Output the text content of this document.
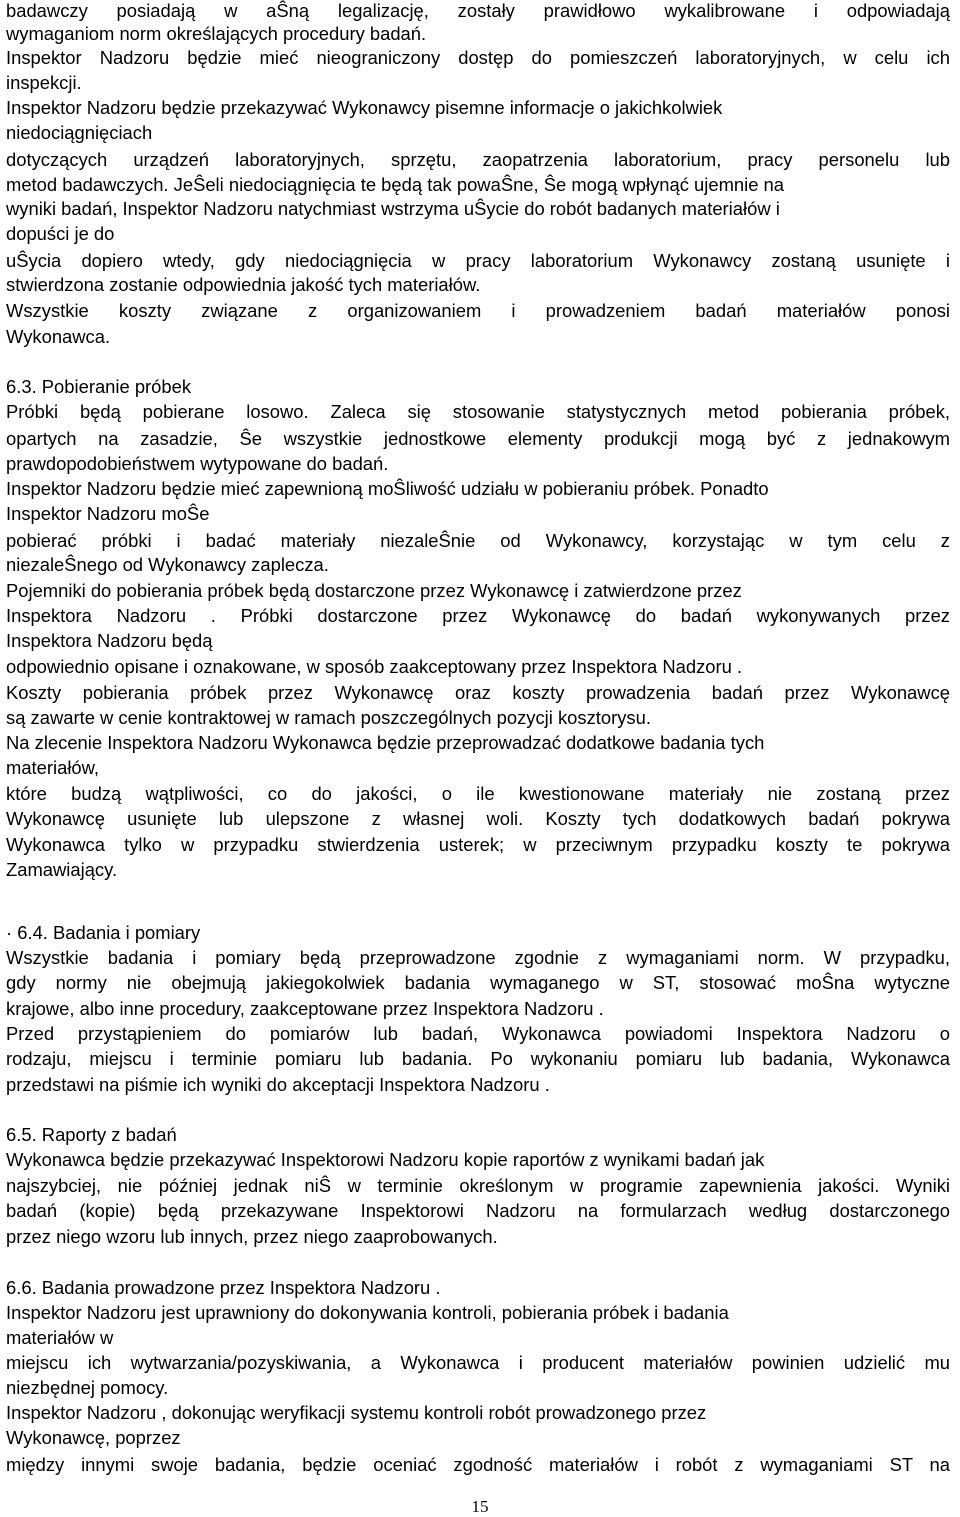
badawczy posiadają w aŜną legalizację, zostały prawidłowo wykalibrowane i odpowiadają

wymaganiom norm określających procedury badań.

Inspektor Nadzoru będzie mieć nieograniczony dostęp do pomieszczeń laboratoryjnych, w celu ich

inspekcji.

Inspektor Nadzoru będzie przekazywać Wykonawcy pisemne informacje o jakichkolwiek

niedociągnięciach

dotyczących urządzeń laboratoryjnych, sprzętu, zaopatrzenia laboratorium, pracy personelu lub

metod badawczych. JeŜeli niedociągnięcia te będą tak powaŜne, Ŝe mogą wpłynąć ujemnie na

wyniki badań, Inspektor Nadzoru natychmiast wstrzyma uŜycie do robót badanych materiałów i

dopuści je do

uŜycia dopiero wtedy, gdy niedociągnięcia w pracy laboratorium Wykonawcy zostaną usunięte i

stwierdzona zostanie odpowiednia jakość tych materiałów.

Wszystkie koszty związane z organizowaniem i prowadzeniem badań materiałów ponosi

Wykonawca.

6.3. Pobieranie próbek

Próbki będą pobierane losowo. Zaleca się stosowanie statystycznych metod pobierania próbek,

opartych na zasadzie, Ŝe wszystkie jednostkowe elementy produkcji mogą być z jednakowym

prawdopodobieństwem wytypowane do badań.

Inspektor Nadzoru będzie mieć zapewnioną moŜliwość udziału w pobieraniu próbek. Ponadto

Inspektor Nadzoru moŜe

pobierać próbki i badać materiały niezaleŜnie od Wykonawcy, korzystając w tym celu z

niezaleŜnego od Wykonawcy zaplecza.

Pojemniki do pobierania próbek będą dostarczone przez Wykonawcę i zatwierdzone przez

Inspektora Nadzoru . Próbki dostarczone przez Wykonawcę do badań wykonywanych przez

Inspektora Nadzoru będą

odpowiednio opisane i oznakowane, w sposób zaakceptowany przez Inspektora Nadzoru .

Koszty pobierania próbek przez Wykonawcę oraz koszty prowadzenia badań przez Wykonawcę

są zawarte w cenie kontraktowej w ramach poszczególnych pozycji kosztorysu.

Na zlecenie Inspektora Nadzoru Wykonawca będzie przeprowadzać dodatkowe badania tych

materiałów,

które budzą wątpliwości, co do jakości, o ile kwestionowane materiały nie zostaną przez

Wykonawcę usunięte lub ulepszone z własnej woli. Koszty tych dodatkowych badań pokrywa

Wykonawca tylko w przypadku stwierdzenia usterek; w przeciwnym przypadku koszty te pokrywa

Zamawiający.

· 6.4. Badania i pomiary

Wszystkie badania i pomiary będą przeprowadzone zgodnie z wymaganiami norm. W przypadku,

gdy normy nie obejmują jakiegokolwiek badania wymaganego w ST, stosować moŜna wytyczne

krajowe, albo inne procedury, zaakceptowane przez Inspektora Nadzoru .

Przed przystąpieniem do pomiarów lub badań, Wykonawca powiadomi Inspektora Nadzoru o

rodzaju, miejscu i terminie pomiaru lub badania. Po wykonaniu pomiaru lub badania, Wykonawca

przedstawi na piśmie ich wyniki do akceptacji Inspektora Nadzoru .

6.5. Raporty z badań

Wykonawca będzie przekazywać Inspektorowi Nadzoru kopie raportów z wynikami badań jak

najszybciej, nie później jednak niŜ w terminie określonym w programie zapewnienia jakości. Wyniki

badań (kopie) będą przekazywane Inspektorowi Nadzoru na formularzach według dostarczonego

przez niego wzoru lub innych, przez niego zaaprobowanych.

6.6. Badania prowadzone przez Inspektora Nadzoru .

Inspektor Nadzoru jest uprawniony do dokonywania kontroli, pobierania próbek i badania

materiałów w

miejscu ich wytwarzania/pozyskiwania, a Wykonawca i producent materiałów powinien udzielić mu

niezbędnej pomocy.

Inspektor Nadzoru , dokonując weryfikacji systemu kontroli robót prowadzonego przez

Wykonawcę, poprzez

między innymi swoje badania, będzie oceniać zgodność materiałów i robót z wymaganiami ST na

15
